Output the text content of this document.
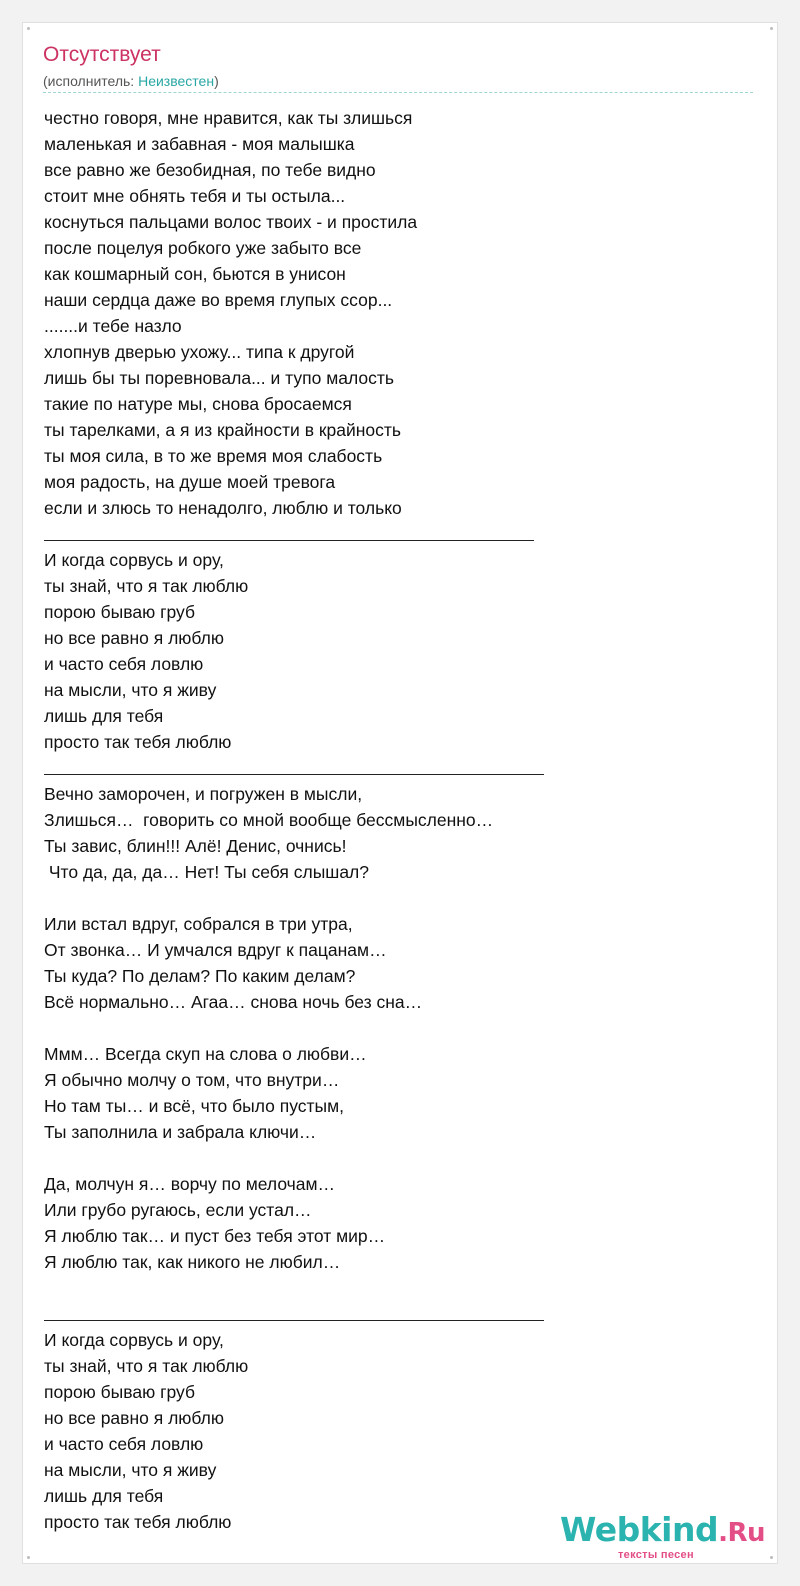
Отсутствует
(исполнитель: Неизвестен)
честно говоря, мне нравится, как ты злишься
маленькая и забавная - моя малышка
все равно же безобидная, по тебе видно
стоит мне обнять тебя и ты остыла...
коснуться пальцами волос твоих - и простила
после поцелуя робкого уже забыто все
как кошмарный сон, бьются в унисон
наши сердца даже во время глупых ссор...
.......и тебе назло
хлопнув дверью ухожу... типа к другой
лишь бы ты поревновала... и тупо малость
такие по натуре мы, снова бросаемся
ты тарелками, а я из крайности в крайность
ты моя сила, в то же время моя слабость
моя радость, на душе моей тревога
если и злюсь то ненадолго, люблю и только
И когда сорвусь и ору,
ты знай, что я так люблю
порою бываю груб
но все равно я люблю
и часто себя ловлю
на мысли, что я живу
лишь для тебя
просто так тебя люблю
Вечно заморочен, и погружен в мысли,
Злишься…  говорить со мной вообще бессмысленно…
Ты завис, блин!!! Алё! Денис, очнись!
Что да, да, да… Нет! Ты себя слышал?
Или встал вдруг, собрался в три утра,
От звонка… И умчался вдруг к пацанам…
Ты куда? По делам? По каким делам?
Всё нормально… Агаа… снова ночь без сна…
Ммм… Всегда скуп на слова о любви…
Я обычно молчу о том, что внутри…
Но там ты… и всё, что было пустым,
Ты заполнила и забрала ключи…
Да, молчун я… ворчу по мелочам…
Или грубо ругаюсь, если устал…
Я люблю так… и пуст без тебя этот мир…
Я люблю так, как никого не любил…
И когда сорвусь и ору,
ты знай, что я так люблю
порою бываю груб
но все равно я люблю
и часто себя ловлю
на мысли, что я живу
лишь для тебя
просто так тебя люблю	Webkind.Ru
тексты песен
